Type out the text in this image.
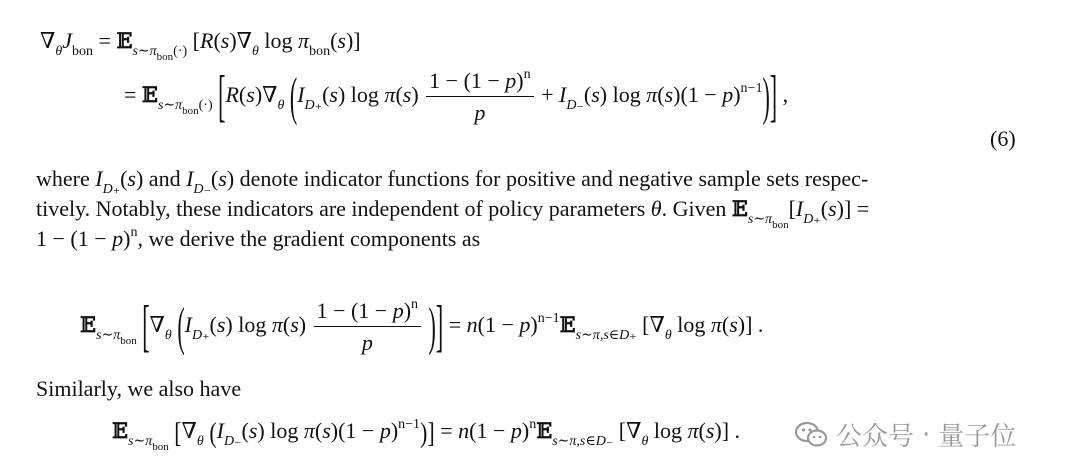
$\nabla_\theta J_{bon}$ = 𝔼$_{s\sim\pi_{bon}(\cdot)}$ [$R(s)\nabla_\theta$ $\log \pi_{bon}(s)$]
= 𝔼$_{s\sim\pi_{bon}(\cdot)}$ [$R(s)\nabla_\theta$ ($I_{D_+}(s)$ $\log \pi(s) \frac{1 - (1 - p)^n}{p} + I_{D_-}(s)$ $\log \pi(s)(1 - p)^{n-1}$)] ,
(6)
where $I_{D_+}(s)$ and $I_{D_-}(s)$ denote indicator functions for positive and negative sample sets respec-
tively. Notably, these indicators are independent of policy parameters θ. Given $𝔼_{s\sim\pi_{bon}}[I_{D_+}(s)]$ =
$1 - (1 - p)^n$, we derive the gradient components as
𝔼$_{s\sim\pi_{bon}}$ [$\nabla_\theta$ ($I_{D_+}(s)$ $\log \pi(s) \frac{1 - (1 - p)^n}{p}$ )] = $n(1 - p)^{n-1}𝔼_{s\sim\pi,s\in D_+}$ [$\nabla_\theta$ log π(s)] .
Similarly, we also have
𝔼$_{s\sim\pi_{bon}}$ [$\nabla_\theta$ ($I_{D_-}(s)$ $\log \pi(s)(1 - p)^{n-1})] = n(1$ − $p)^n𝔼_{s\sim\pi,s\in D_-}$ [$\nabla_\theta$ log π(s)] .	公众号 · 量子位
